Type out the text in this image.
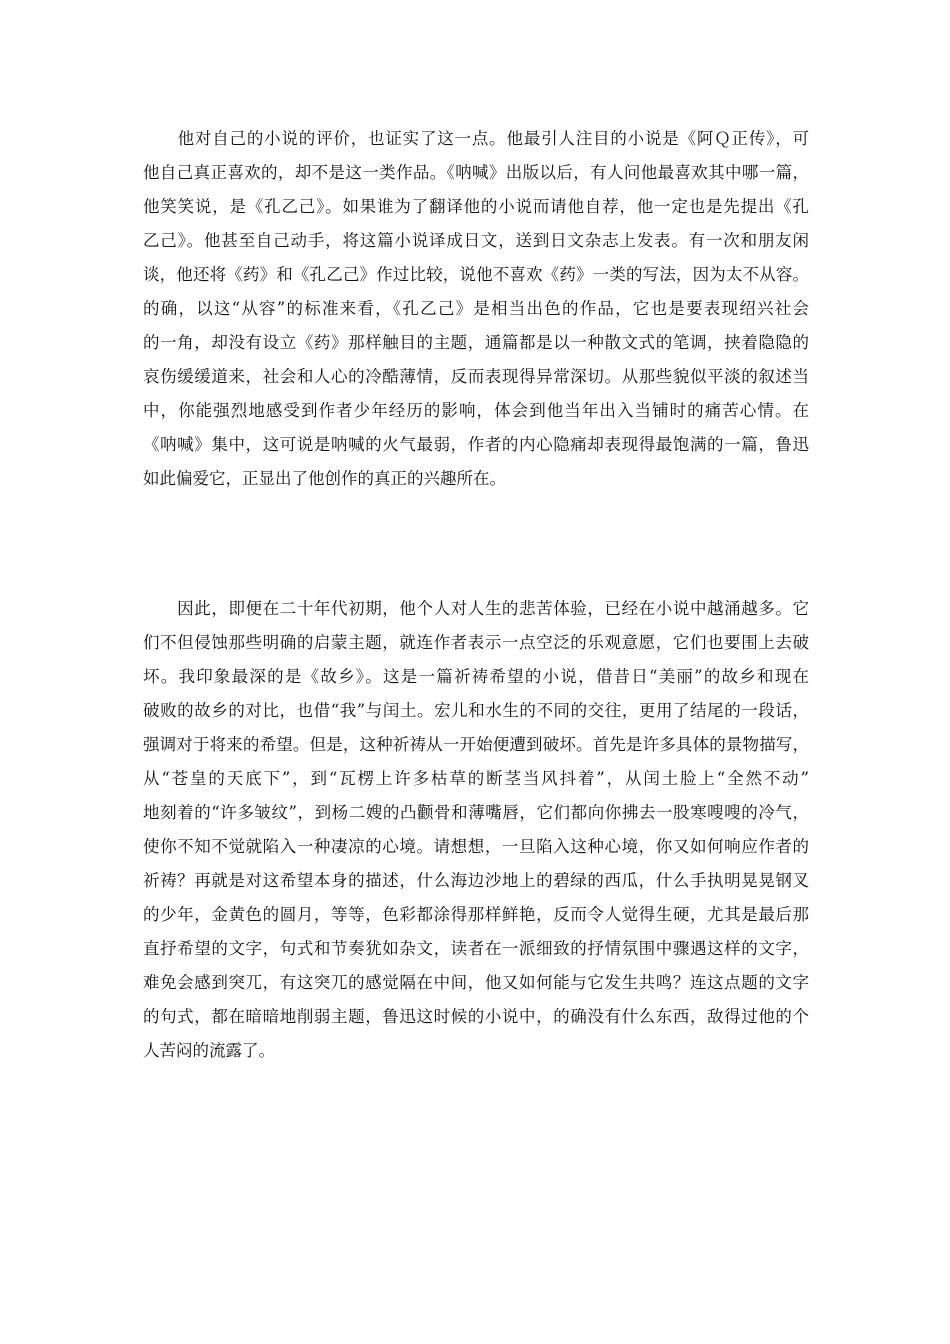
　　他对自己的小说的评价，也证实了这一点。他最引人注目的小说是《阿Ｑ正传》，可
他自己真正喜欢的，却不是这一类作品。《呐喊》出版以后，有人问他最喜欢其中哪一篇，
他笑笑说，是《孔乙己》。如果谁为了翻译他的小说而请他自荐，他一定也是先提出《孔
乙己》。他甚至自己动手，将这篇小说译成日文，送到日文杂志上发表。有一次和朋友闲
谈，他还将《药》和《孔乙己》作过比较，说他不喜欢《药》一类的写法，因为太不从容。
的确，以这“从容”的标准来看，《孔乙己》是相当出色的作品，它也是要表现绍兴社会
的一角，却没有设立《药》那样触目的主题，通篇都是以一种散文式的笔调，挟着隐隐的
哀伤缓缓道来，社会和人心的冷酷薄情，反而表现得异常深切。从那些貌似平淡的叙述当
中，你能强烈地感受到作者少年经历的影响，体会到他当年出入当铺时的痛苦心情。在
《呐喊》集中，这可说是呐喊的火气最弱，作者的内心隐痛却表现得最饱满的一篇，鲁迅
如此偏爱它，正显出了他创作的真正的兴趣所在。
　　因此，即便在二十年代初期，他个人对人生的悲苦体验，已经在小说中越涌越多。它
们不但侵蚀那些明确的启蒙主题，就连作者表示一点空泛的乐观意愿，它们也要围上去破
坏。我印象最深的是《故乡》。这是一篇祈祷希望的小说，借昔日“美丽”的故乡和现在
破败的故乡的对比，也借“我”与闰土。宏儿和水生的不同的交往，更用了结尾的一段话，
强调对于将来的希望。但是，这种祈祷从一开始便遭到破坏。首先是许多具体的景物描写，
从“苍皇的天底下”，到“瓦楞上许多枯草的断茎当风抖着”，从闰土脸上“全然不动”
地刻着的“许多皱纹”，到杨二嫂的凸颧骨和薄嘴唇，它们都向你拂去一股寒嗖嗖的冷气，
使你不知不觉就陷入一种凄凉的心境。请想想，一旦陷入这种心境，你又如何响应作者的
祈祷？再就是对这希望本身的描述，什么海边沙地上的碧绿的西瓜，什么手执明晃晃钢叉
的少年，金黄色的圆月，等等，色彩都涂得那样鲜艳，反而令人觉得生硬，尤其是最后那
直抒希望的文字，句式和节奏犹如杂文，读者在一派细致的抒情氛围中骤遇这样的文字，
难免会感到突兀，有这突兀的感觉隔在中间，他又如何能与它发生共鸣？连这点题的文字
的句式，都在暗暗地削弱主题，鲁迅这时候的小说中，的确没有什么东西，敌得过他的个
人苦闷的流露了。
